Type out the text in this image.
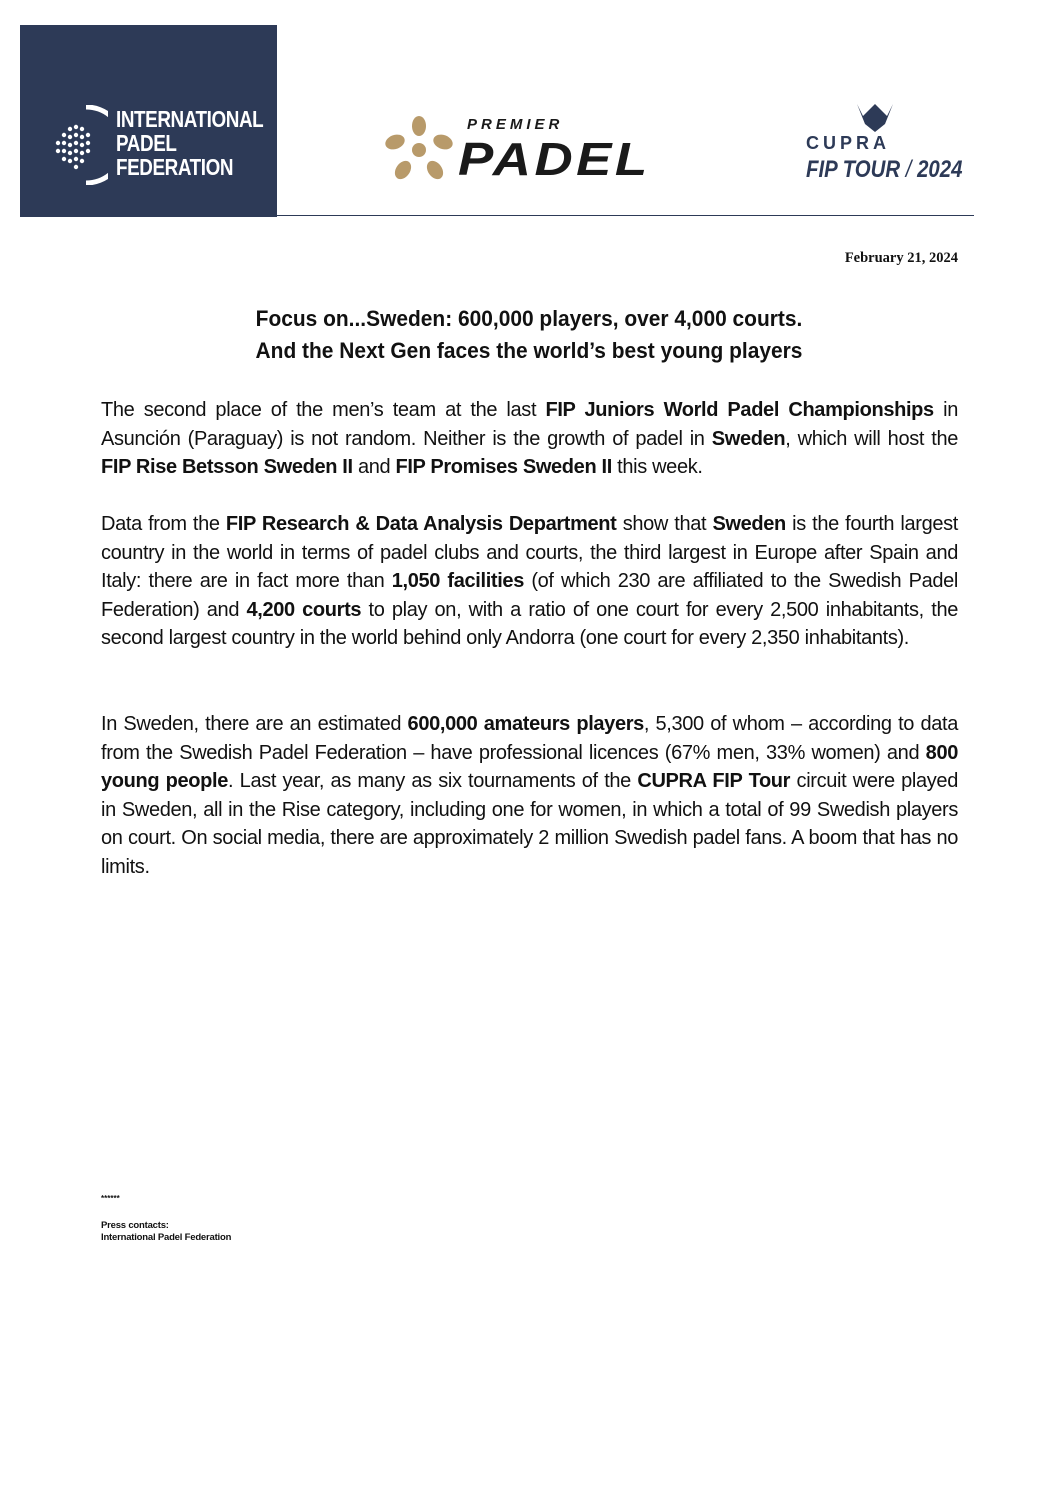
INTERNATIONAL
PADEL
FEDERATION
PREMIER
PADEL	CUPRA
FIP TOUR / 2024
February 21, 2024
Focus on...Sweden: 600,000 players, over 4,000 courts.
And the Next Gen faces the world’s best young players
The second place of the men’s team at the last FIP Juniors World Padel Championships in Asunción (Paraguay) is not random. Neither is the growth of padel in Sweden, which will host the FIP Rise Betsson Sweden II and FIP Promises Sweden II this week.
Data from the FIP Research & Data Analysis Department show that Sweden is the fourth largest country in the world in terms of padel clubs and courts, the third largest in Europe after Spain and Italy: there are in fact more than 1,050 facilities (of which 230 are affiliated to the Swedish Padel Federation) and 4,200 courts to play on, with a ratio of one court for every 2,500 inhabitants, the second largest country in the world behind only Andorra (one court for every 2,350 inhabitants).
In Sweden, there are an estimated 600,000 amateurs players, 5,300 of whom – according to data from the Swedish Padel Federation – have professional licences (67% men, 33% women) and 800 young people. Last year, as many as six tournaments of the CUPRA FIP Tour circuit were played in Sweden, all in the Rise category, including one for women, in which a total of 99 Swedish players on court. On social media, there are approximately 2 million Swedish padel fans. A boom that has no limits.
******
Press contacts:
International Padel Federation
